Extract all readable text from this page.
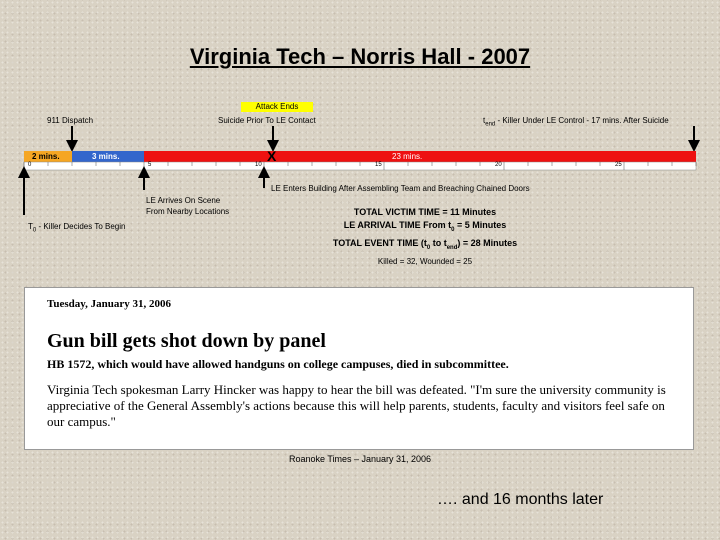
Virginia Tech – Norris Hall - 2007
Attack Ends
911 Dispatch	Suicide Prior To LE Contact	$t_{end}$ - Killer Under LE Control - 17 mins. After Suicide
2 mins.	3 mins.	23 mins.
X
0	5	10	15	20	25
LE Enters Building After Assembling Team and Breaching Chained Doors
LE Arrives On Scene
From Nearby Locations
$T_0$ - Killer Decides To Begin
TOTAL VICTIM TIME = 11 Minutes
LE ARRIVAL TIME From $t_0 = 5$ Minutes
TOTAL EVENT TIME ($t_0$ to $t_{end}) = 28$ Minutes
Killed = 32, Wounded = 25
Tuesday, January 31, 2006
Gun bill gets shot down by panel
HB 1572, which would have allowed handguns on college campuses, died in subcommittee.
Virginia Tech spokesman Larry Hincker was happy to hear the bill was defeated. "I'm sure the university community is appreciative of the General Assembly's actions because this will help parents, students, faculty and visitors feel safe on our campus."
Roanoke Times – January 31, 2006
…. and 16 months later
